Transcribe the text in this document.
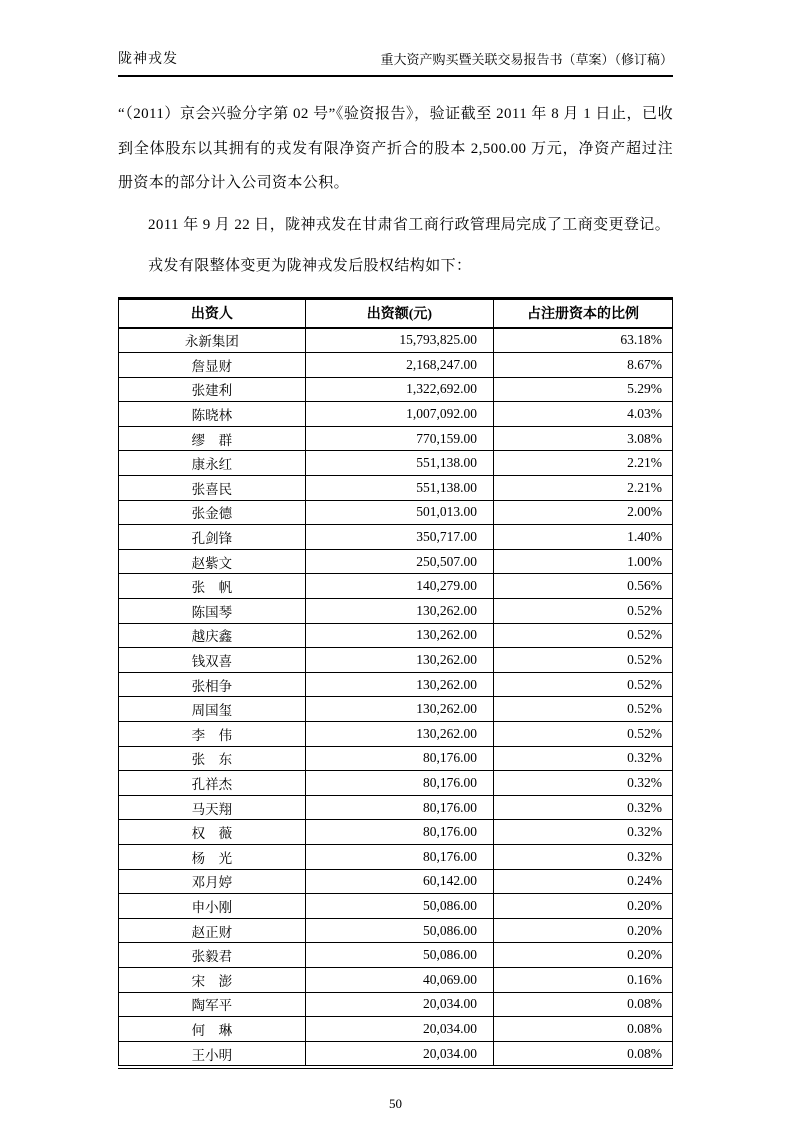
陇神戎发	重大资产购买暨关联交易报告书（草案）（修订稿）

“（2011）京会兴验分字第 02 号”《验资报告》，验证截至 2011 年 8 月 1 日止，已收到全体股东以其拥有的戎发有限净资产折合的股本 2,500.00 万元，净资产超过注册资本的部分计入公司资本公积。

2011 年 9 月 22 日，陇神戎发在甘肃省工商行政管理局完成了工商变更登记。

戎发有限整体变更为陇神戎发后股权结构如下：

出资人	出资额(元)	占注册资本的比例
永新集团	15,793,825.00	63.18%
詹显财	2,168,247.00	8.67%
张建利	1,322,692.00	5.29%
陈晓林	1,007,092.00	4.03%
缪　群	770,159.00	3.08%
康永红	551,138.00	2.21%
张喜民	551,138.00	2.21%
张金德	501,013.00	2.00%
孔剑锋	350,717.00	1.40%
赵紫文	250,507.00	1.00%
张　帆	140,279.00	0.56%
陈国琴	130,262.00	0.52%
越庆鑫	130,262.00	0.52%
钱双喜	130,262.00	0.52%
张相争	130,262.00	0.52%
周国玺	130,262.00	0.52%
李　伟	130,262.00	0.52%
张　东	80,176.00	0.32%
孔祥杰	80,176.00	0.32%
马天翔	80,176.00	0.32%
权　薇	80,176.00	0.32%
杨　光	80,176.00	0.32%
邓月婷	60,142.00	0.24%
申小刚	50,086.00	0.20%
赵正财	50,086.00	0.20%
张毅君	50,086.00	0.20%
宋　澎	40,069.00	0.16%
陶军平	20,034.00	0.08%
何　琳	20,034.00	0.08%
王小明	20,034.00	0.08%
50
